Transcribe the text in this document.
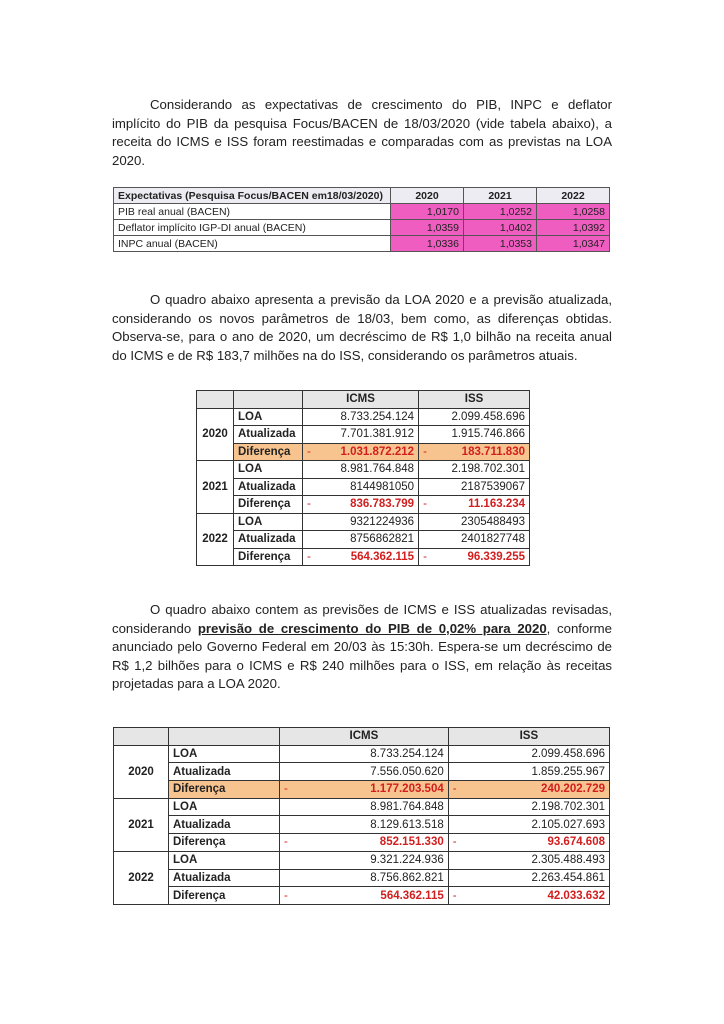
Considerando as expectativas de crescimento do PIB, INPC e deflator implícito do PIB da pesquisa Focus/BACEN de 18/03/2020 (vide tabela abaixo), a receita do ICMS e ISS foram reestimadas e comparadas com as previstas na LOA 2020.

Expectativas (Pesquisa Focus/BACEN em18/03/2020)	2020	2021	2022
PIB real anual (BACEN)	1,0170	1,0252	1,0258
Deflator implícito IGP-DI anual (BACEN)	1,0359	1,0402	1,0392
INPC anual (BACEN)	1,0336	1,0353	1,0347

O quadro abaixo apresenta a previsão da LOA 2020 e a previsão atualizada, considerando os novos parâmetros de 18/03, bem como, as diferenças obtidas. Observa-se, para o ano de 2020, um decréscimo de R$ 1,0 bilhão na receita anual do ICMS e de R$ 183,7 milhões na do ISS, considerando os parâmetros atuais.

		ICMS	ISS
2020	LOA	8.733.254.124	2.099.458.696
	Atualizada	7.701.381.912	1.915.746.866
	Diferença	- 1.031.872.212	- 183.711.830
2021	LOA	8.981.764.848	2.198.702.301
	Atualizada	8144981050	2187539067
	Diferença	- 836.783.799	- 11.163.234
2022	LOA	9321224936	2305488493
	Atualizada	8756862821	2401827748
	Diferença	- 564.362.115	- 96.339.255

O quadro abaixo contem as previsões de ICMS e ISS atualizadas revisadas, considerando previsão de crescimento do PIB de 0,02% para 2020, conforme anunciado pelo Governo Federal em 20/03 às 15:30h. Espera-se um decréscimo de R$ 1,2 bilhões para o ICMS e R$ 240 milhões para o ISS, em relação às receitas projetadas para a LOA 2020.

		ICMS	ISS
2020	LOA	8.733.254.124	2.099.458.696
	Atualizada	7.556.050.620	1.859.255.967
	Diferença	- 1.177.203.504	- 240.202.729
2021	LOA	8.981.764.848	2.198.702.301
	Atualizada	8.129.613.518	2.105.027.693
	Diferença	- 852.151.330	- 93.674.608
2022	LOA	9.321.224.936	2.305.488.493
	Atualizada	8.756.862.821	2.263.454.861
	Diferença	- 564.362.115	- 42.033.632
